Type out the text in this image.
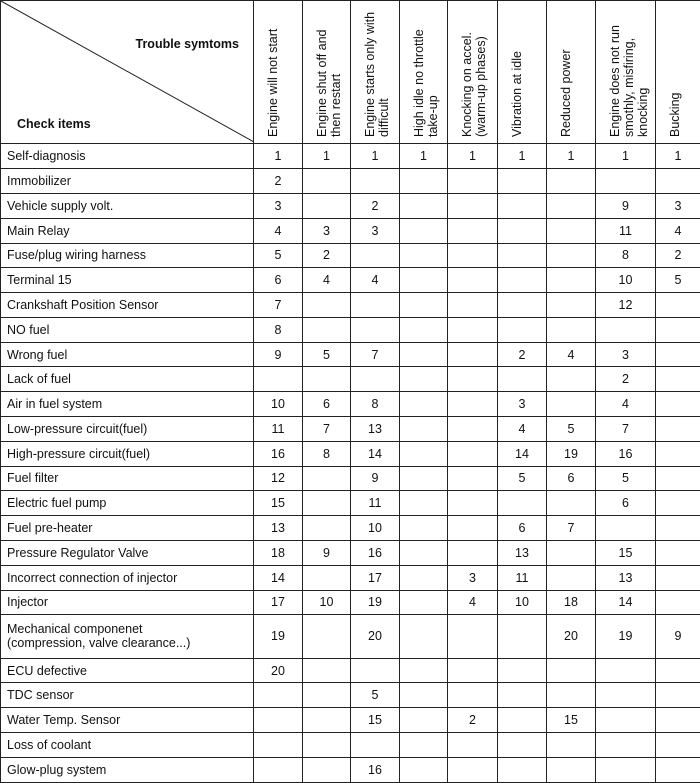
Trouble symtoms
Check items	Engine will not start	Engine shut off and then restart	Engine starts only with difficult	High idle no throttle take-up	Knocking on accel. (warm-up phases)	Vibration at idle	Reduced power	Engine does not run smothly, misfiring, knocking	Bucking

Self-diagnosis	1	1	1	1	1	1	1	1	1
Immobilizer	2								
Vehicle supply volt.	3		2					9	3
Main Relay	4	3	3					11	4
Fuse/plug wiring harness	5	2						8	2
Terminal 15	6	4	4					10	5
Crankshaft Position Sensor	7							12	
NO fuel	8								
Wrong fuel	9	5	7			2	4	3	
Lack of fuel								2	
Air in fuel system	10	6	8			3		4	
Low-pressure circuit(fuel)	11	7	13			4	5	7	
High-pressure circuit(fuel)	16	8	14			14	19	16	
Fuel filter	12		9			5	6	5	
Electric fuel pump	15		11					6	
Fuel pre-heater	13		10			6	7		
Pressure Regulator Valve	18	9	16			13		15	
Incorrect connection of injector	14		17		3	11		13	
Injector	17	10	19		4	10	18	14	
Mechanical componenet
(compression, valve clearance...)	19		20				20	19	9
ECU defective	20								
TDC sensor			5						
Water Temp. Sensor			15		2		15		
Loss of coolant									
Glow-plug system			16						
